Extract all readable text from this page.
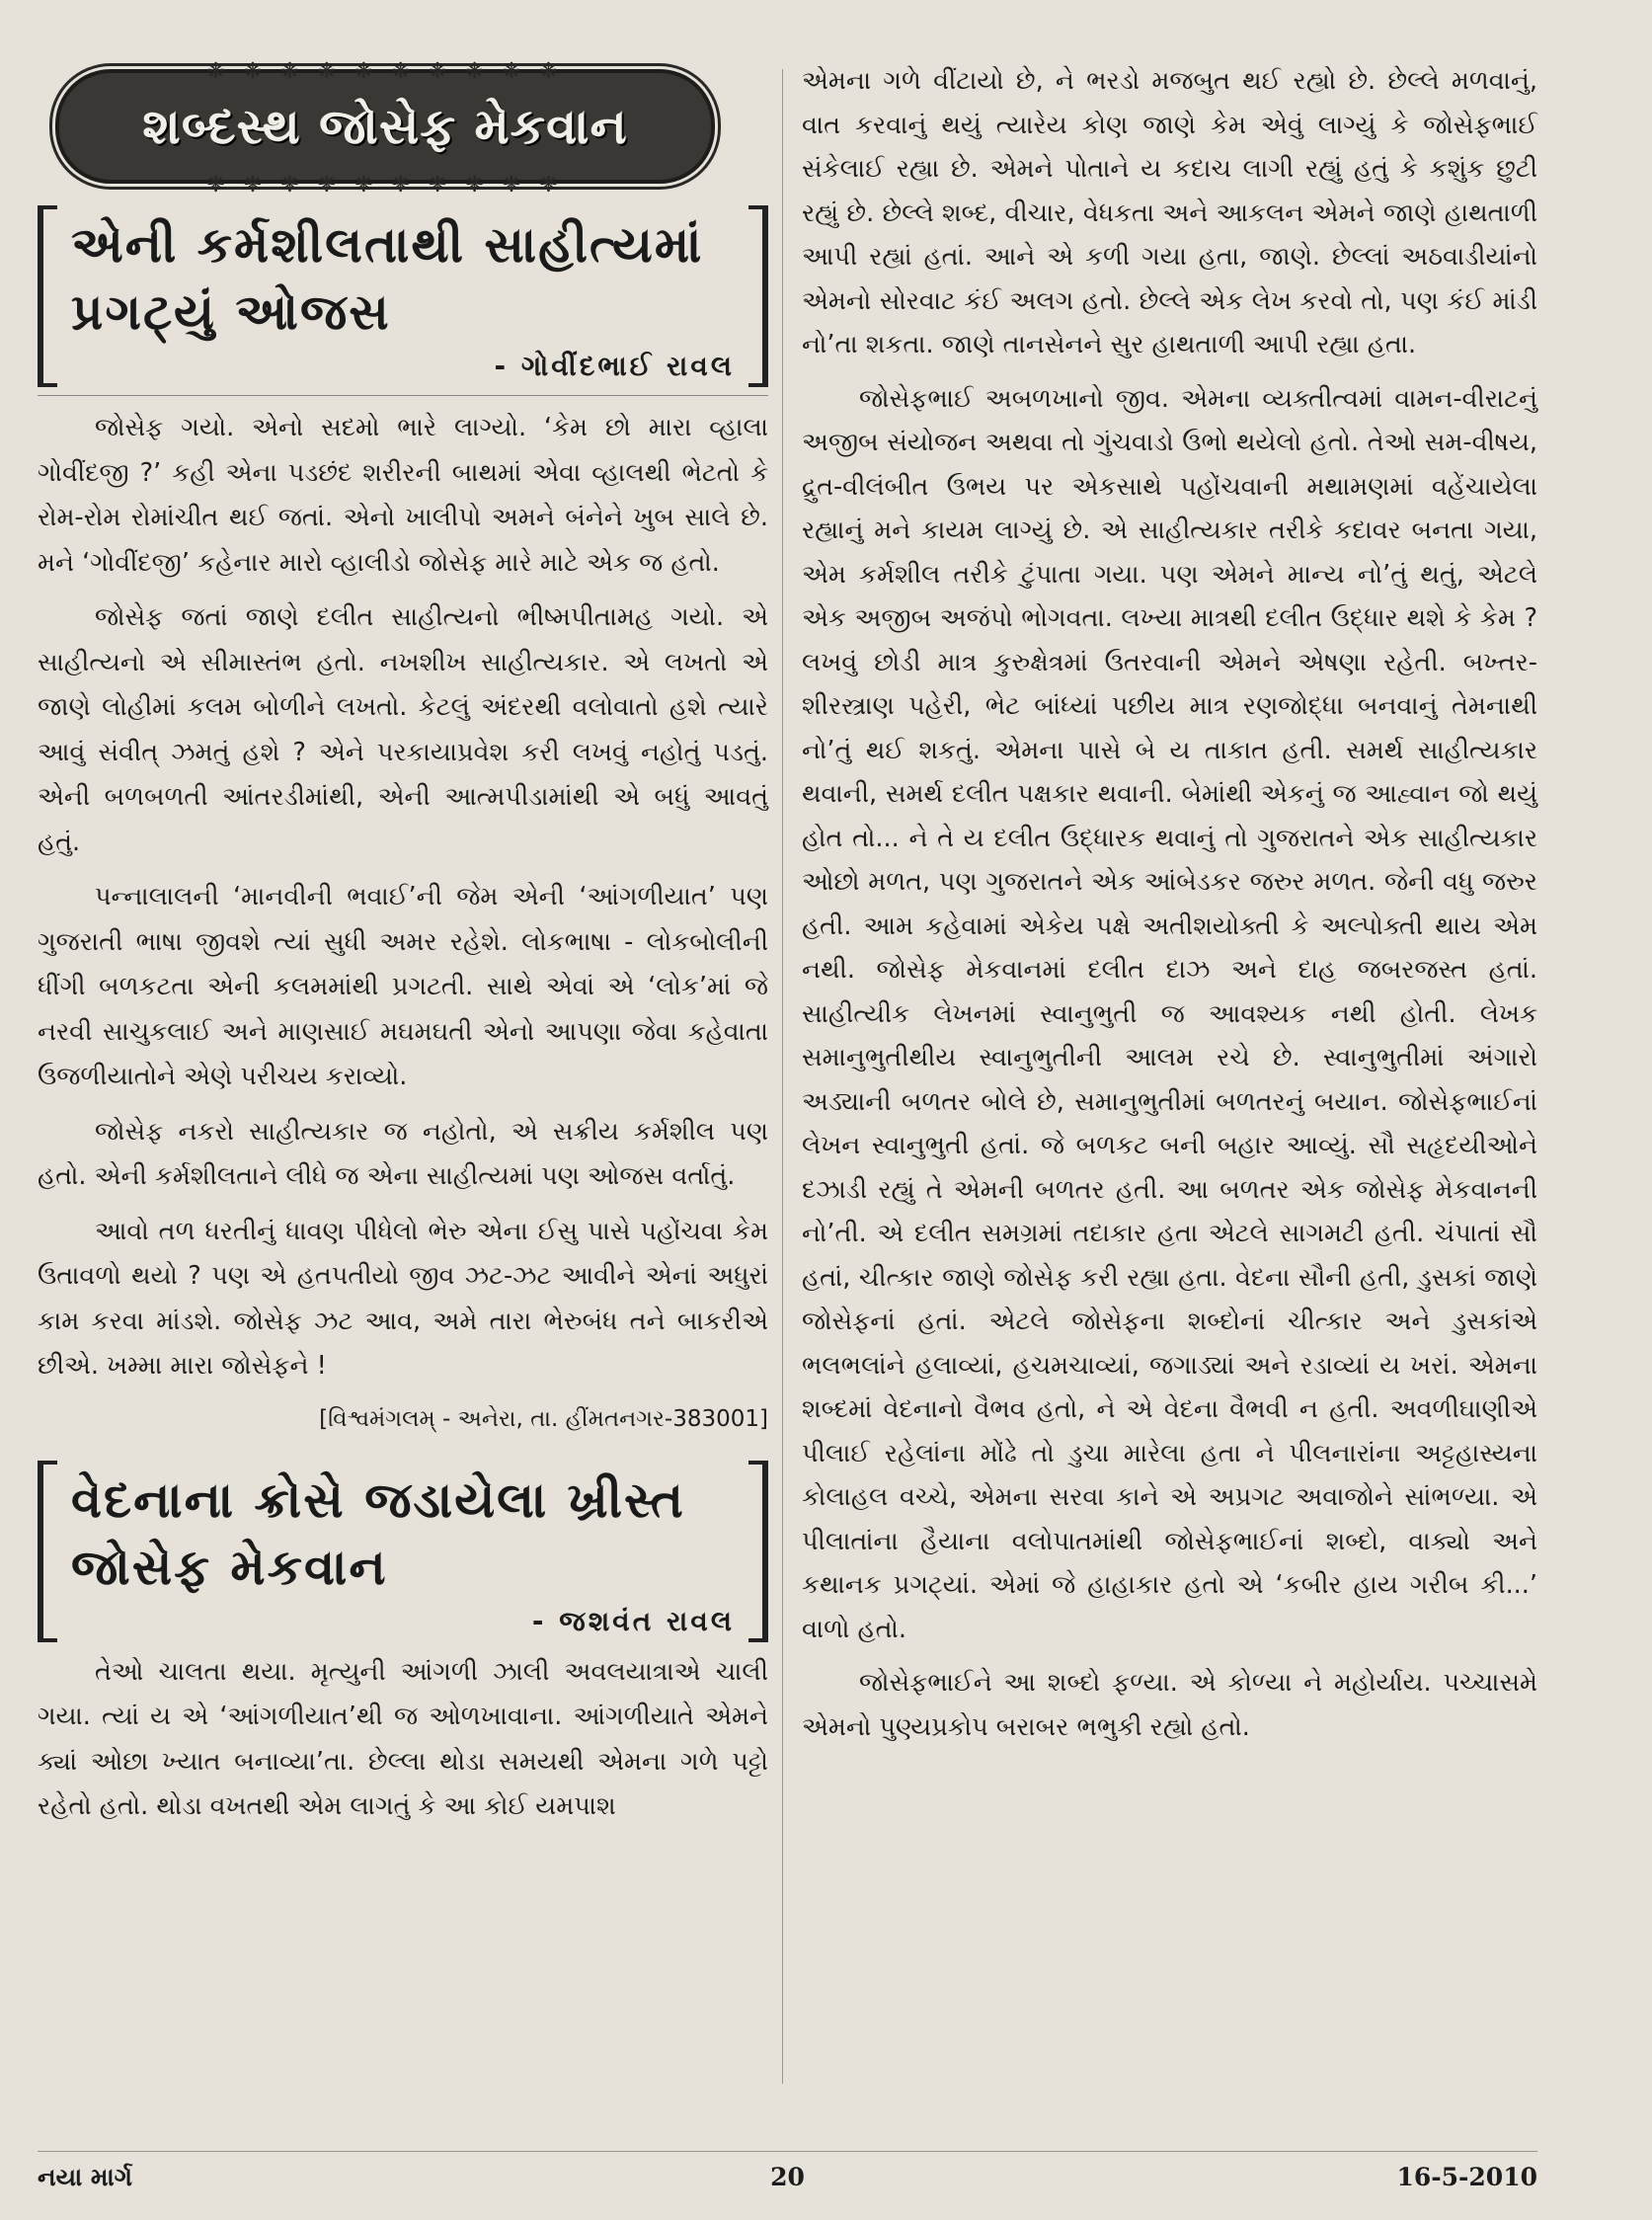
❋ ❋ ❋ ❋ ❋ ❋ ❋ ❋ ❋ ❋
શબ્દસ્થ જોસેફ મેકવાન
❋ ❋ ❋ ❋ ❋ ❋ ❋ ❋ ❋ ❋
એની કર્મશીલતાથી સાહીત્યમાં
પ્રગટ્યું ઓજસ
- ગોવીંદભાઈ રાવલ

જોસેફ ગયો. એનો સદમો ભારે લાગ્યો. ‘કેમ છો મારા વ્હાલા ગોવીંદજી ?’ કહી એના પડછંદ શરીરની બાથમાં એવા વ્હાલથી ભેટતો કે રોમ-રોમ રોમાંચીત થઈ જતાં. એનો ખાલીપો અમને બંનેને ખુબ સાલે છે. મને ‘ગોવીંદજી’ કહેનાર મારો વ્હાલીડો જોસેફ મારે માટે એક જ હતો.

જોસેફ જતાં જાણે દલીત સાહીત્યનો ભીષ્મપીતામહ ગયો. એ સાહીત્યનો એ સીમાસ્તંભ હતો. નખશીખ સાહીત્યકાર. એ લખતો એ જાણે લોહીમાં કલમ બોળીને લખતો. કેટલું અંદરથી વલોવાતો હશે ત્યારે આવું સંવીત્ ઝમતું હશે ? એને પરકાયાપ્રવેશ કરી લખવું નહોતું પડતું. એની બળબળતી આંતરડીમાંથી, એની આત્મપીડામાંથી એ બધું આવતું હતું.

પન્નાલાલની ‘માનવીની ભવાઈ’ની જેમ એની ‘આંગળીયાત’ પણ ગુજરાતી ભાષા જીવશે ત્યાં સુધી અમર રહેશે. લોકભાષા - લોકબોલીની ધીંગી બળકટતા એની કલમમાંથી પ્રગટતી. સાથે એવાં એ ‘લોક’માં જે નરવી સાચુકલાઈ અને માણસાઈ મઘમઘતી એનો આપણા જેવા કહેવાતા ઉજળીયાતોને એણે પરીચય કરાવ્યો.

જોસેફ નકરો સાહીત્યકાર જ નહોતો, એ સક્રીય કર્મશીલ પણ હતો. એની કર્મશીલતાને લીધે જ એના સાહીત્યમાં પણ ઓજસ વર્તાતું.

આવો તળ ધરતીનું ધાવણ પીધેલો ભેરુ એના ઈસુ પાસે પહોંચવા કેમ ઉતાવળો થયો ? પણ એ હતપતીયો જીવ ઝટ-ઝટ આવીને એનાં અધુરાં કામ કરવા માંડશે. જોસેફ ઝટ આવ, અમે તારા ભેરુબંધ તને બાકરીએ છીએ. ખમ્મા મારા જોસેફને !

[વિશ્વમંગલમ્ - અનેરા, તા. હીંમતનગર-383001]
વેદનાના ક્રોસે જડાયેલા ખ્રીસ્ત
જોસેફ મેકવાન
- જશવંત રાવલ

તેઓ ચાલતા થયા. મૃત્યુની આંગળી ઝાલી અવલયાત્રાએ ચાલી ગયા. ત્યાં ય એ ‘આંગળીયાત’થી જ ઓળખાવાના. આંગળીયાતે એમને ક્યાં ઓછા ખ્યાત બનાવ્યા’તા. છેલ્લા થોડા સમયથી એમના ગળે પટ્ટો રહેતો હતો. થોડા વખતથી એમ લાગતું કે આ કોઈ યમપાશ

એમના ગળે વીંટાયો છે, ને ભરડો મજબુત થઈ રહ્યો છે. છેલ્લે મળવાનું, વાત કરવાનું થયું ત્યારેય કોણ જાણે કેમ એવું લાગ્યું કે જોસેફભાઈ સંકેલાઈ રહ્યા છે. એમને પોતાને ય કદાચ લાગી રહ્યું હતું કે કશુંક છુટી રહ્યું છે. છેલ્લે શબ્દ, વીચાર, વેધકતા અને આકલન એમને જાણે હાથતાળી આપી રહ્યાં હતાં. આને એ કળી ગયા હતા, જાણે. છેલ્લાં અઠવાડીયાંનો એમનો સોરવાટ કંઈ અલગ હતો. છેલ્લે એક લેખ કરવો તો, પણ કંઈ માંડી નો’તા શકતા. જાણે તાનસેનને સુર હાથતાળી આપી રહ્યા હતા.

જોસેફભાઈ અબળખાનો જીવ. એમના વ્યક્તીત્વમાં વામન-વીરાટનું અજીબ સંયોજન અથવા તો ગુંચવાડો ઉભો થયેલો હતો. તેઓ સમ-વીષય, દ્રુત-વીલંબીત ઉભય પર એકસાથે પહોંચવાની મથામણમાં વહેંચાયેલા રહ્યાનું મને કાયમ લાગ્યું છે. એ સાહીત્યકાર તરીકે કદાવર બનતા ગયા, એમ કર્મશીલ તરીકે ટુંપાતા ગયા. પણ એમને માન્ય નો’તું થતું, એટલે એક અજીબ અજંપો ભોગવતા. લખ્યા માત્રથી દલીત ઉદ્ધાર થશે કે કેમ ? લખવું છોડી માત્ર કુરુક્ષેત્રમાં ઉતરવાની એમને એષણા રહેતી. બખ્તર-શીરસ્ત્રાણ પહેરી, ભેટ બાંધ્યાં પછીય માત્ર રણજોદ્ધા બનવાનું તેમનાથી નો’તું થઈ શકતું. એમના પાસે બે ય તાકાત હતી. સમર્થ સાહીત્યકાર થવાની, સમર્થ દલીત પક્ષકાર થવાની. બેમાંથી એકનું જ આહ્વાન જો થયું હોત તો... ને તે ય દલીત ઉદ્ધારક થવાનું તો ગુજરાતને એક સાહીત્યકાર ઓછો મળત, પણ ગુજરાતને એક આંબેડકર જરુર મળત. જેની વધુ જરુર હતી. આમ કહેવામાં એકેય પક્ષે અતીશયોક્તી કે અલ્પોક્તી થાય એમ નથી. જોસેફ મેકવાનમાં દલીત દાઝ અને દાહ જબરજસ્ત હતાં. સાહીત્યીક લેખનમાં સ્વાનુભુતી જ આવશ્યક નથી હોતી. લેખક સમાનુભુતીથીય સ્વાનુભુતીની આલમ રચે છે. સ્વાનુભુતીમાં અંગારો અડ્યાની બળતર બોલે છે, સમાનુભુતીમાં બળતરનું બયાન. જોસેફભાઈનાં લેખન સ્વાનુભુતી હતાં. જે બળકટ બની બહાર આવ્યું. સૌ સહૃદયીઓને દઝાડી રહ્યું તે એમની બળતર હતી. આ બળતર એક જોસેફ મેકવાનની નો’તી. એ દલીત સમગ્રમાં તદાકાર હતા એટલે સાગમટી હતી. ચંપાતાં સૌ હતાં, ચીત્કાર જાણે જોસેફ કરી રહ્યા હતા. વેદના સૌની હતી, ડુસકાં જાણે જોસેફનાં હતાં. એટલે જોસેફના શબ્દોનાં ચીત્કાર અને ડુસકાંએ ભલભલાંને હલાવ્યાં, હચમચાવ્યાં, જગાડ્યાં અને રડાવ્યાં ય ખરાં. એમના શબ્દમાં વેદનાનો વૈભવ હતો, ને એ વેદના વૈભવી ન હતી. અવળીઘાણીએ પીલાઈ રહેલાંના મોંઢે તો ડુચા મારેલા હતા ને પીલનારાંના અટ્ટહાસ્યના કોલાહલ વચ્ચે, એમના સરવા કાને એ અપ્રગટ અવાજોને સાંભળ્યા. એ પીલાતાંના હૈયાના વલોપાતમાંથી જોસેફભાઈનાં શબ્દો, વાક્યો અને કથાનક પ્રગટ્યાં. એમાં જે હાહાકાર હતો એ ‘કબીર હાય ગરીબ કી...’ વાળો હતો.

જોસેફભાઈને આ શબ્દો ફળ્યા. એ કોળ્યા ને મહોર્યાય. પચ્ચાસમે એમનો પુણ્યપ્રકોપ બરાબર ભભુકી રહ્યો હતો.

નયા માર્ગ	20	16-5-2010
